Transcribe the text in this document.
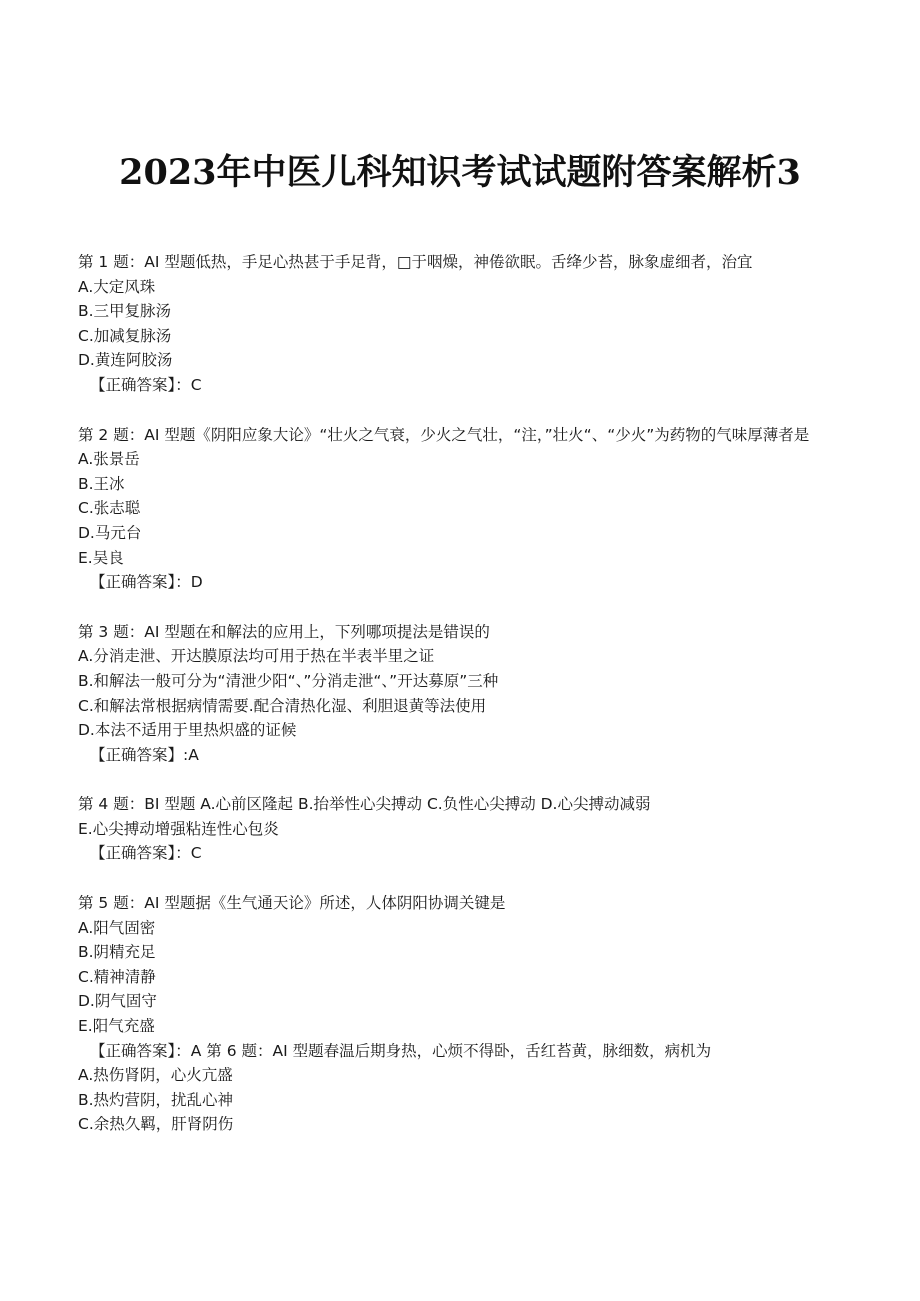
2023年中医儿科知识考试试题附答案解析3
第 1 题：AI 型题低热，手足心热甚于手足背，□于咽燥，神倦欲眠。舌绛少苔，脉象虚细者，治宜
A.大定风珠
B.三甲复脉汤
C.加减复脉汤
D.黄连阿胶汤
【正确答案】：C
第 2 题：AI 型题《阴阳应象大论》“壮火之气衰，少火之气壮，“注，”壮火“、“少火”为药物的气味厚薄者是
A.张景岳
B.王冰
C.张志聪
D.马元台
E.吴良
【正确答案】：D
第 3 题：AI 型题在和解法的应用上，下列哪项提法是错误的
A.分消走泄、开达膜原法均可用于热在半表半里之证
B.和解法一般可分为“清泄少阳“、”分消走泄“、”开达募原”三种
C.和解法常根据病情需要.配合清热化湿、利胆退黄等法使用
D.本法不适用于里热炽盛的证候
【正确答案】:A
第 4 题：BI 型题 A.心前区隆起 B.抬举性心尖搏动 C.负性心尖搏动 D.心尖搏动减弱
E.心尖搏动增强粘连性心包炎
【正确答案】：C
第 5 题：AI 型题据《生气通天论》所述，人体阴阳协调关键是
A.阳气固密
B.阴精充足
C.精神清静
D.阴气固守
E.阳气充盛
【正确答案】：A 第 6 题：AI 型题春温后期身热，心烦不得卧，舌红苔黄，脉细数，病机为
A.热伤肾阴，心火亢盛
B.热灼营阴，扰乱心神
C.余热久羁，肝肾阴伤
